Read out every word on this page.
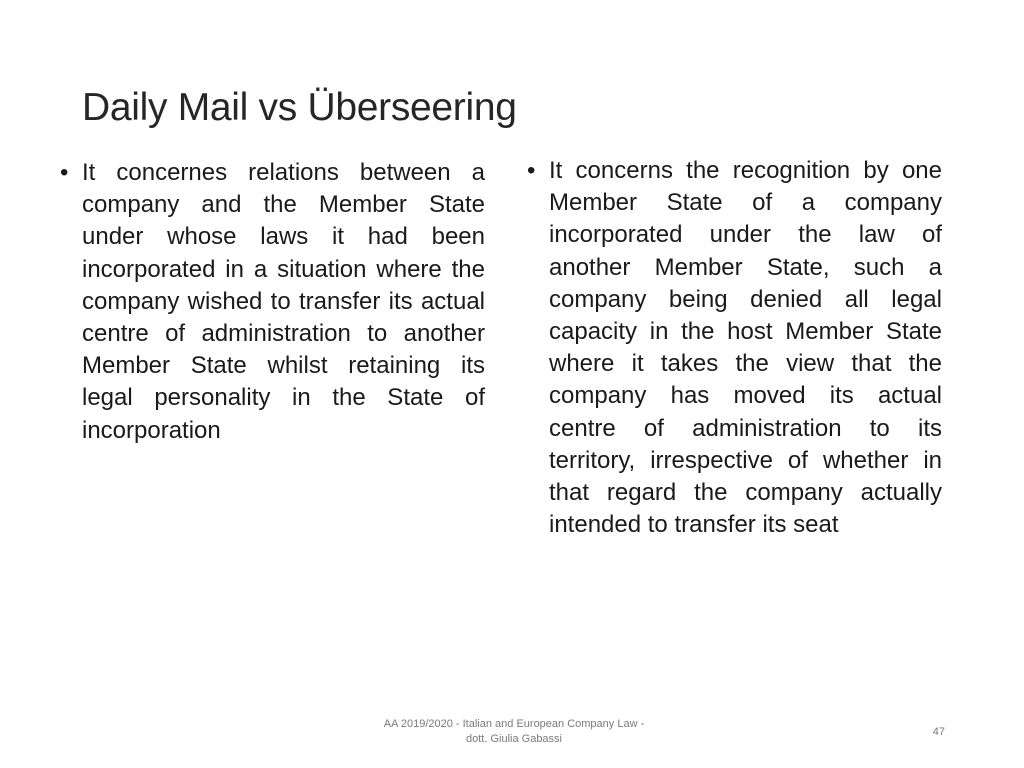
Daily Mail vs Überseering
• It concernes relations between a company and the Member State under whose laws it had been incorporated in a situation where the company wished to transfer its actual centre of administration to another Member State whilst retaining its legal personality in the State of incorporation
• It concerns the recognition by one Member State of a company incorporated under the law of another Member State, such a company being denied all legal capacity in the host Member State where it takes the view that the company has moved its actual centre of administration to its territory, irrespective of whether in that regard the company actually intended to transfer its seat
AA 2019/2020 - Italian and European Company Law -
dott. Giulia Gabassi
47
